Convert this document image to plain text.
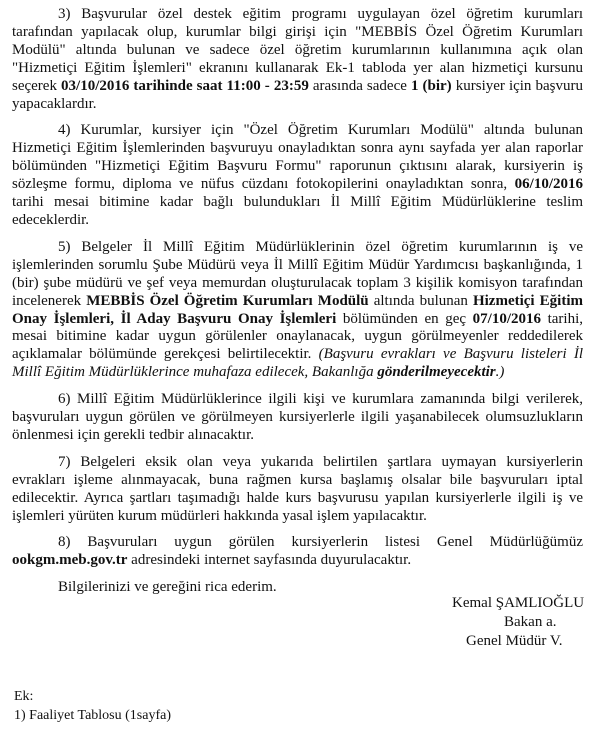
3) Başvurular özel destek eğitim programı uygulayan özel öğretim kurumları tarafından yapılacak olup, kurumlar bilgi girişi için "MEBBİS Özel Öğretim Kurumları Modülü" altında bulunan ve sadece özel öğretim kurumlarının kullanımına açık olan "Hizmetiçi Eğitim İşlemleri" ekranını kullanarak Ek-1 tabloda yer alan hizmetiçi kursunu seçerek 03/10/2016 tarihinde saat 11:00 - 23:59 arasında sadece 1 (bir) kursiyer için başvuru yapacaklardır.

4) Kurumlar, kursiyer için "Özel Öğretim Kurumları Modülü" altında bulunan Hizmetiçi Eğitim İşlemlerinden başvuruyu onayladıktan sonra aynı sayfada yer alan raporlar bölümünden "Hizmetiçi Eğitim Başvuru Formu" raporunun çıktısını alarak, kursiyerin iş sözleşme formu, diploma ve nüfus cüzdanı fotokopilerini onayladıktan sonra, 06/10/2016 tarihi mesai bitimine kadar bağlı bulundukları İl Millî Eğitim Müdürlüklerine teslim edeceklerdir.

5) Belgeler İl Millî Eğitim Müdürlüklerinin özel öğretim kurumlarının iş ve işlemlerinden sorumlu Şube Müdürü veya İl Millî Eğitim Müdür Yardımcısı başkanlığında, 1 (bir) şube müdürü ve şef veya memurdan oluşturulacak toplam 3 kişilik komisyon tarafından incelenerek MEBBİS Özel Öğretim Kurumları Modülü altında bulunan Hizmetiçi Eğitim Onay İşlemleri, İl Aday Başvuru Onay İşlemleri bölümünden en geç 07/10/2016 tarihi, mesai bitimine kadar uygun görülenler onaylanacak, uygun görülmeyenler reddedilerek açıklamalar bölümünde gerekçesi belirtilecektir. (Başvuru evrakları ve Başvuru listeleri İl Millî Eğitim Müdürlüklerince muhafaza edilecek, Bakanlığa gönderilmeyecektir.)

6) Millî Eğitim Müdürlüklerince ilgili kişi ve kurumlara zamanında bilgi verilerek, başvuruları uygun görülen ve görülmeyen kursiyerlerle ilgili yaşanabilecek olumsuzlukların önlenmesi için gerekli tedbir alınacaktır.

7) Belgeleri eksik olan veya yukarıda belirtilen şartlara uymayan kursiyerlerin evrakları işleme alınmayacak, buna rağmen kursa başlamış olsalar bile başvuruları iptal edilecektir. Ayrıca şartları taşımadığı halde kurs başvurusu yapılan kursiyerlerle ilgili iş ve işlemleri yürüten kurum müdürleri hakkında yasal işlem yapılacaktır.

8) Başvuruları uygun görülen kursiyerlerin listesi Genel Müdürlüğümüz ookgm.meb.gov.tr adresindeki internet sayfasında duyurulacaktır.

Bilgilerinizi ve gereğini rica ederim.

Kemal ŞAMLIOĞLU
Bakan a.
Genel Müdür V.
Ek:
1) Faaliyet Tablosu (1sayfa)
